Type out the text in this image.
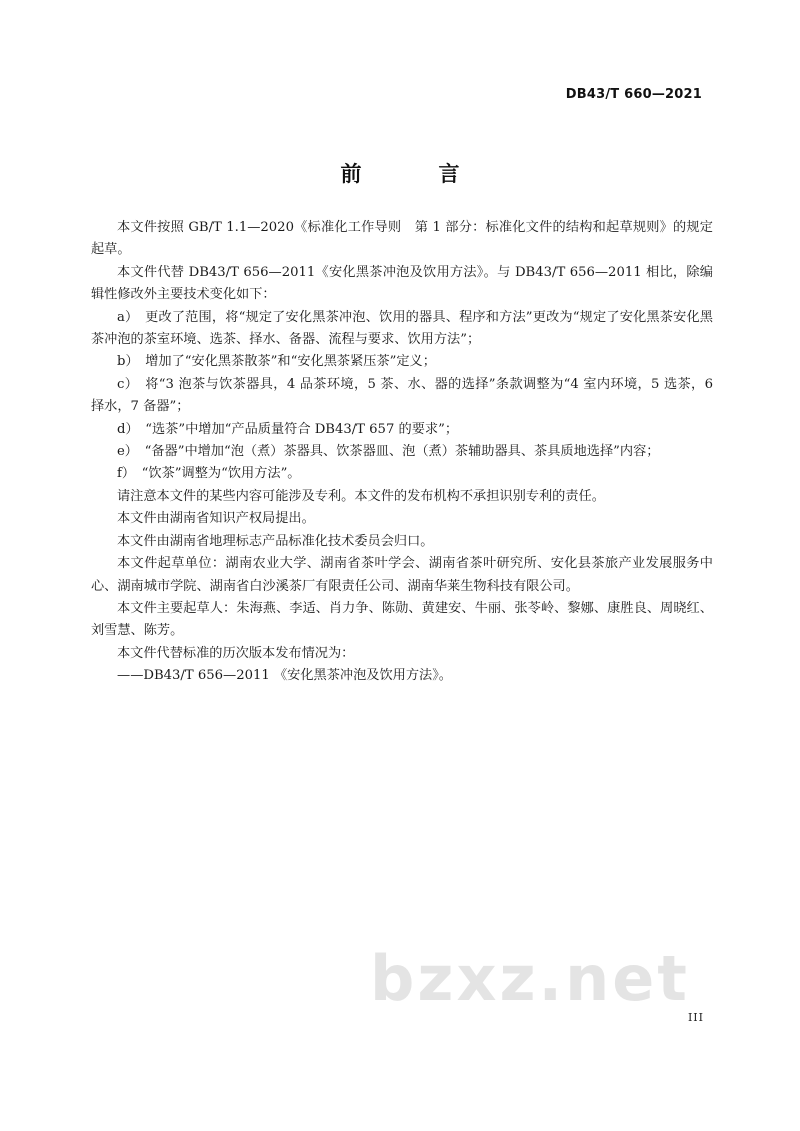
DB43/T 660—2021
前　言

本文件按照 GB/T 1.1—2020《标准化工作导则　第 1 部分：标准化文件的结构和起草规则》的规定起草。

本文件代替 DB43/T 656—2011《安化黑茶冲泡及饮用方法》。与 DB43/T 656—2011 相比，除编辑性修改外主要技术变化如下：

a）　更改了范围，将“规定了安化黑茶冲泡、饮用的器具、程序和方法”更改为“规定了安化黑茶安化黑茶冲泡的茶室环境、选茶、择水、备器、流程与要求、饮用方法”；

b）　增加了“安化黑茶散茶”和“安化黑茶紧压茶”定义；

c）　将“3 泡茶与饮茶器具，4 品茶环境，5 茶、水、器的选择”条款调整为“4 室内环境，5 选茶，6 择水，7 备器”；

d）　“选茶”中增加“产品质量符合 DB43/T 657 的要求”；

e）　“备器”中增加“泡（煮）茶器具、饮茶器皿、泡（煮）茶辅助器具、茶具质地选择”内容；

f）　“饮茶”调整为“饮用方法”。

请注意本文件的某些内容可能涉及专利。本文件的发布机构不承担识别专利的责任。

本文件由湖南省知识产权局提出。

本文件由湖南省地理标志产品标准化技术委员会归口。

本文件起草单位：湖南农业大学、湖南省茶叶学会、湖南省茶叶研究所、安化县茶旅产业发展服务中心、湖南城市学院、湖南省白沙溪茶厂有限责任公司、湖南华莱生物科技有限公司。

本文件主要起草人：朱海燕、李适、肖力争、陈勋、黄建安、牛丽、张苓岭、黎娜、康胜良、周晓红、刘雪慧、陈芳。

本文件代替标准的历次版本发布情况为：

——DB43/T 656—2011 《安化黑茶冲泡及饮用方法》。

bzxz.net
III
